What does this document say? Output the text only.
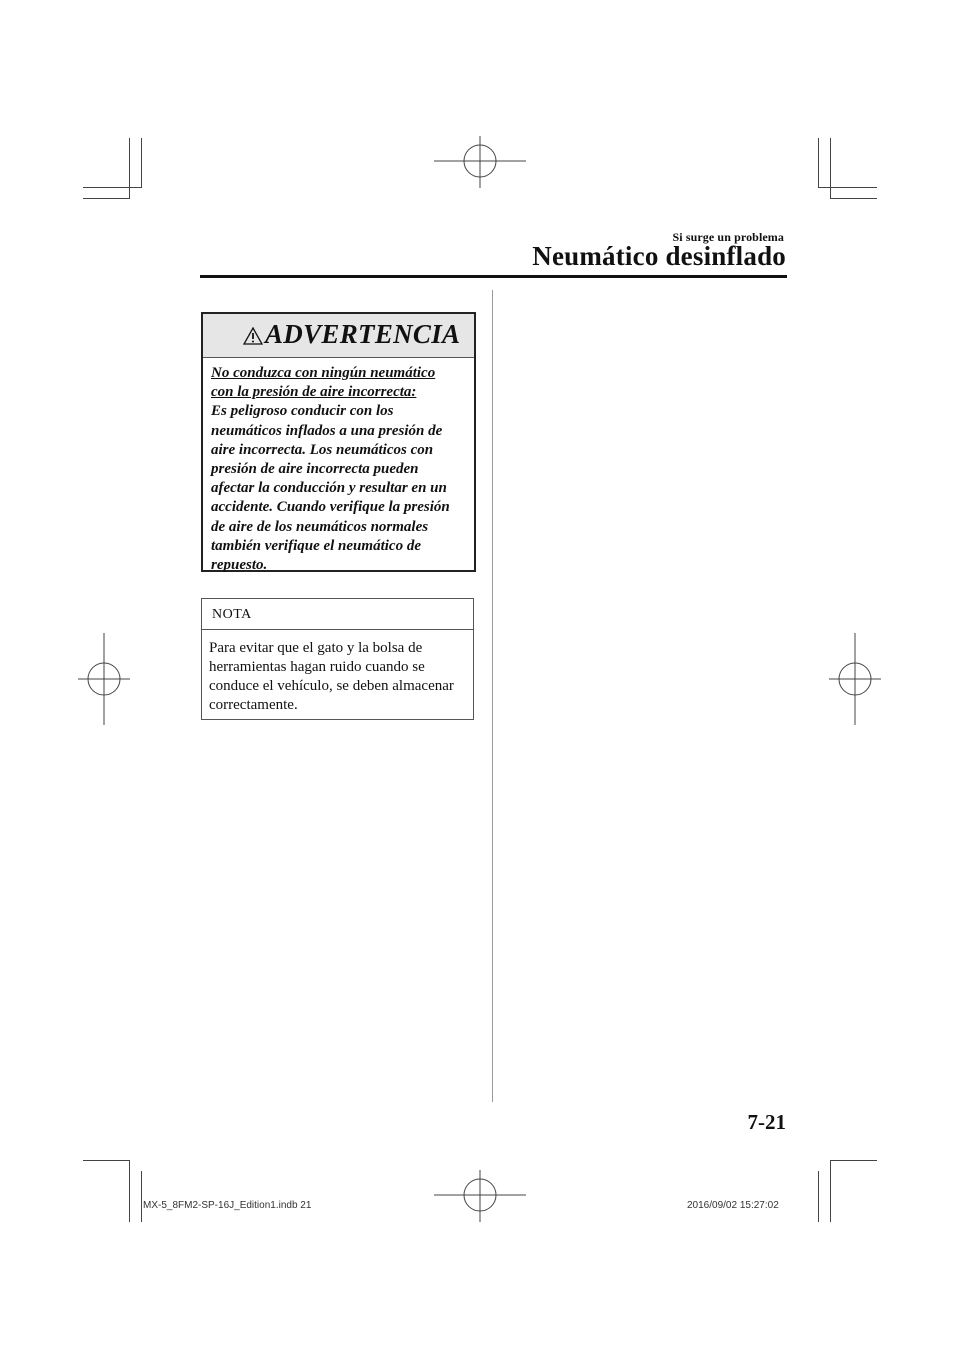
Si surge un problema
Neumático desinflado
ADVERTENCIA
No conduzca con ningún neumático
con la presión de aire incorrecta:
Es peligroso conducir con los
neumáticos inflados a una presión de
aire incorrecta. Los neumáticos con
presión de aire incorrecta pueden
afectar la conducción y resultar en un
accidente. Cuando verifique la presión
de aire de los neumáticos normales
también verifique el neumático de
repuesto.
NOTA
Para evitar que el gato y la bolsa de
herramientas hagan ruido cuando se
conduce el vehículo, se deben almacenar
correctamente.
7-21
MX-5_8FM2-SP-16J_Edition1.indb 21	2016/09/02 15:27:02
